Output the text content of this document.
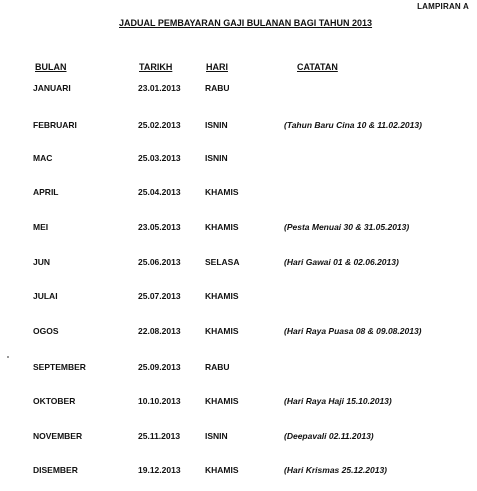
LAMPIRAN A
JADUAL PEMBAYARAN GAJI BULANAN BAGI TAHUN 2013
BULAN	TARIKH	HARI	CATATAN
JANUARI	23.01.2013	RABU
FEBRUARI	25.02.2013	ISNIN	(Tahun Baru Cina 10 & 11.02.2013)
MAC	25.03.2013	ISNIN
APRIL	25.04.2013	KHAMIS
MEI	23.05.2013	KHAMIS	(Pesta Menuai 30 & 31.05.2013)
JUN	25.06.2013	SELASA	(Hari Gawai 01 & 02.06.2013)
JULAI	25.07.2013	KHAMIS
OGOS	22.08.2013	KHAMIS	(Hari Raya Puasa 08 & 09.08.2013)
SEPTEMBER	25.09.2013	RABU
OKTOBER	10.10.2013	KHAMIS	(Hari Raya Haji 15.10.2013)
NOVEMBER	25.11.2013	ISNIN	(Deepavali 02.11.2013)
DISEMBER	19.12.2013	KHAMIS	(Hari Krismas 25.12.2013)
